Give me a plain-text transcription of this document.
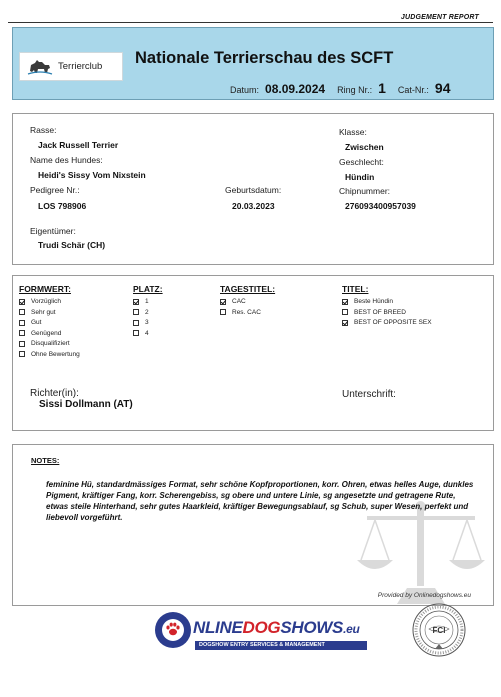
JUDGEMENT REPORT
Terrierclub Nationale Terrierschau des SCFT
Datum: 08.09.2024 Ring Nr.: 1 Cat-Nr.: 94
Rasse:
Jack Russell Terrier
Name des Hundes:
Heidi's Sissy Vom Nixstein
Pedigree Nr.:
LOS 798906
Geburtsdatum:
20.03.2023
Eigentümer:
Trudi Schär (CH)
Klasse:
Zwischen
Geschlecht:
Hündin
Chipnummer:
276093400957039
FORMWERT:
Vorzüglich
Sehr gut
Gut
Genügend
Disqualifiziert
Ohne Bewertung
PLATZ:
1
2
3
4
TAGESTITEL:
CAC
Res. CAC
TITEL:
Beste Hündin
BEST OF BREED
BEST OF OPPOSITE SEX
Richter(in):
Sissi Dollmann (AT)
Unterschrift:
NOTES:
feminine Hü, standardmässiges Format, sehr schöne Kopfproportionen, korr. Ohren, etwas helles Auge, dunkles Pigment, kräftiger Fang, korr. Scherengebiss, sg obere und untere Linie, sg angesetzte und getragene Rute, etwas steile Hinterhand, sehr gutes Haarkleid, kräftiger Bewegungsablauf, sg Schub, super Wesen, perfekt und liebevoll vorgeführt.
Provided by Onlinedogshows.eu
NLINEDOGSHOWS.eu
DOGSHOW ENTRY SERVICES & MANAGEMENT
FCI
